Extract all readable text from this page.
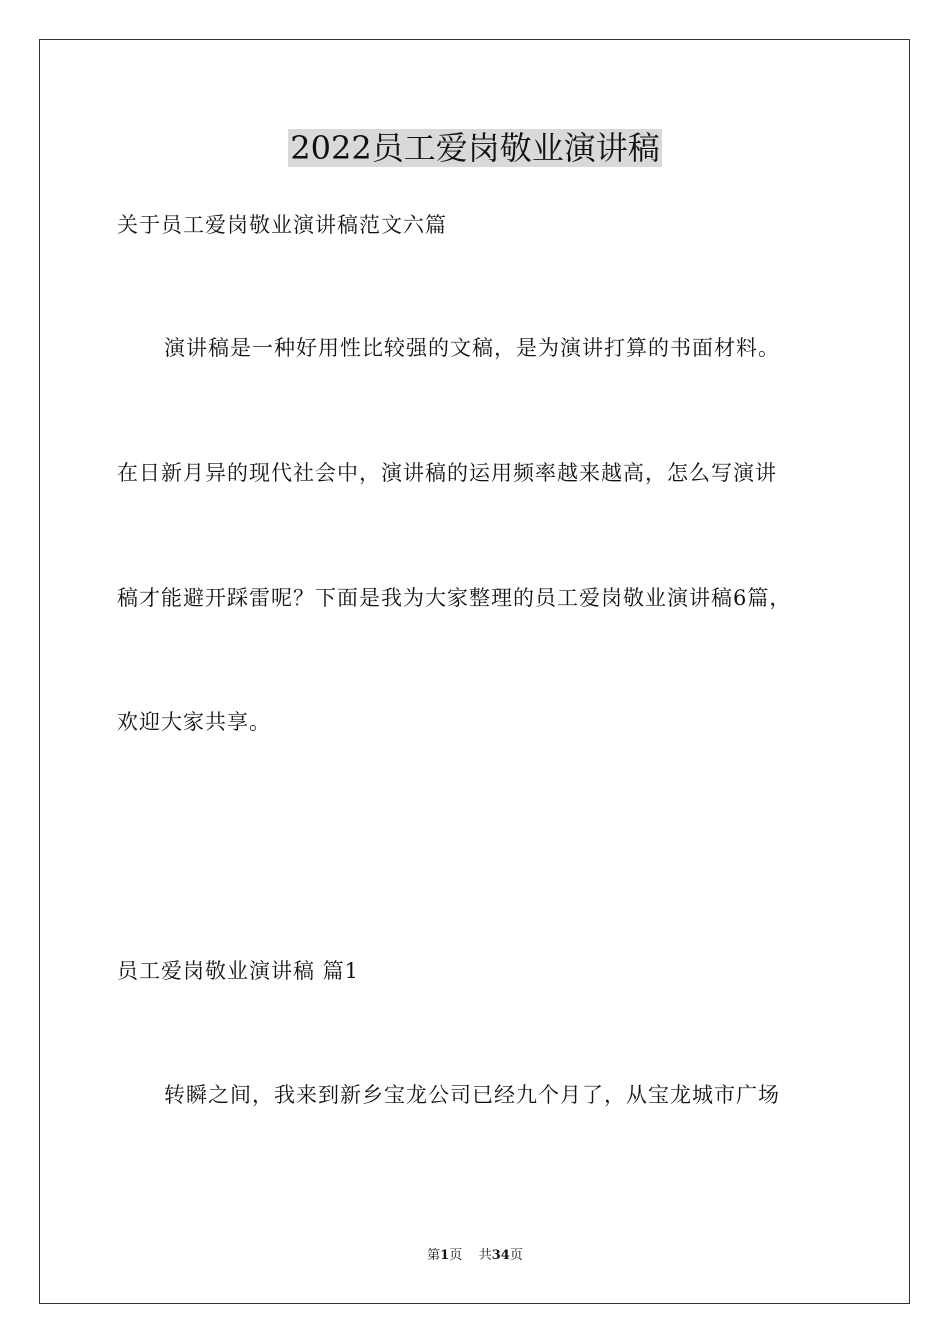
2022员工爱岗敬业演讲稿
关于员工爱岗敬业演讲稿范文六篇
演讲稿是一种好用性比较强的文稿，是为演讲打算的书面材料。
在日新月异的现代社会中，演讲稿的运用频率越来越高，怎么写演讲
稿才能避开踩雷呢？下面是我为大家整理的员工爱岗敬业演讲稿6篇，
欢迎大家共享。
员工爱岗敬业演讲稿 篇1
转瞬之间，我来到新乡宝龙公司已经九个月了，从宝龙城市广场
第1页 共34页
